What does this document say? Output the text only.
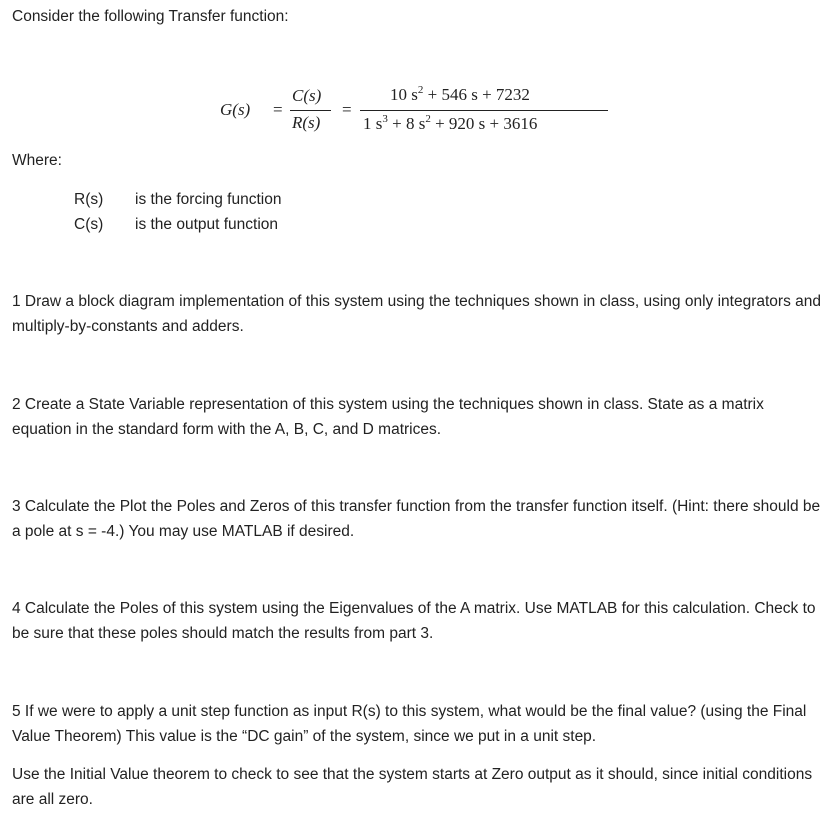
Consider the following Transfer function:
G(s) =
C(s)
R(s)
=
10 $s^2 + 546$ s + 7232
1 $s^3 + 8$ $s^2 + 920$ s + 3616
Where:
R(s) is the forcing function
C(s) is the output function
1 Draw a block diagram implementation of this system using the techniques shown in class, using only integrators and multiply-by-constants and adders.
2 Create a State Variable representation of this system using the techniques shown in class. State as a matrix equation in the standard form with the A, B, C, and D matrices.
3 Calculate the Plot the Poles and Zeros of this transfer function from the transfer function itself. (Hint: there should be a pole at s = -4.) You may use MATLAB if desired.
4 Calculate the Poles of this system using the Eigenvalues of the A matrix. Use MATLAB for this calculation. Check to be sure that these poles should match the results from part 3.
5 If we were to apply a unit step function as input R(s) to this system, what would be the final value? (using the Final Value Theorem) This value is the “DC gain” of the system, since we put in a unit step.
Use the Initial Value theorem to check to see that the system starts at Zero output as it should, since initial conditions are all zero.
